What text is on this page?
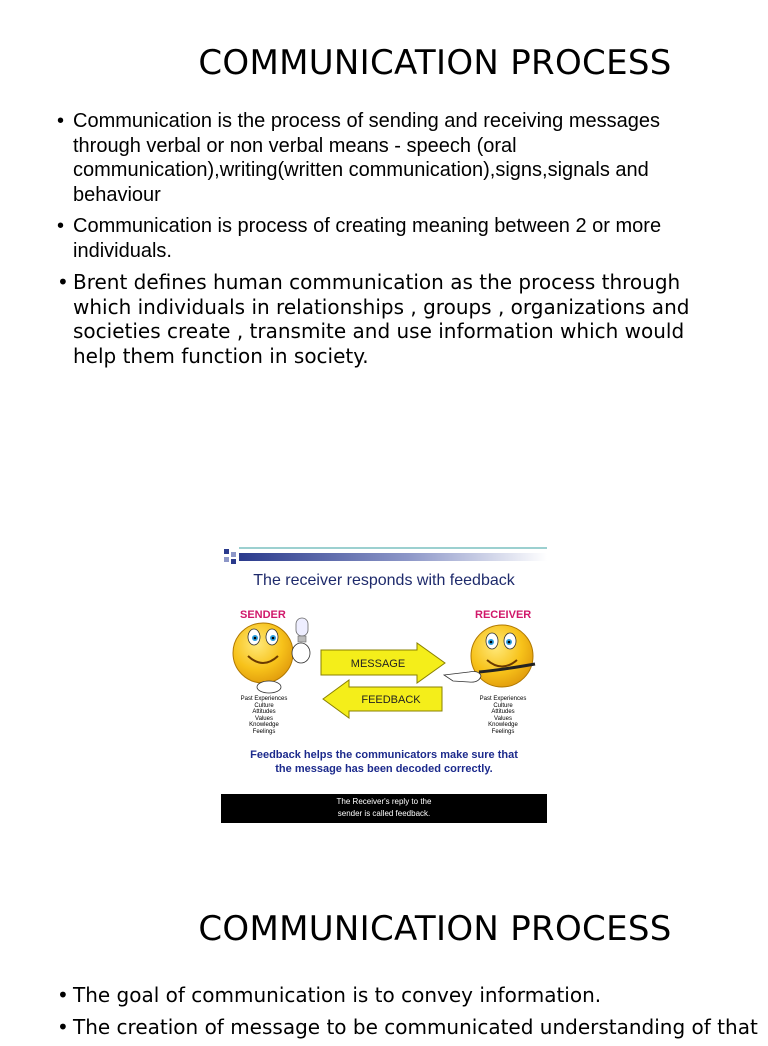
COMMUNICATION PROCESS
• Communication is the process of sending and receiving messages through verbal or non verbal means - speech (oral communication),writing(written communication),signs,signals and behaviour
• Communication is process of creating meaning between 2 or more individuals.
• Brent defines human communication as the process through which individuals in relationships , groups , organizations and societies create , transmite and use information which would help them function in society.
MESSAGE
FEEDBACK
The receiver responds with feedback
SENDER	RECEIVER
Past Experiences
Culture
Attitudes
Values
Knowledge
Feelings
Past Experiences
Culture
Attitudes
Values
Knowledge
Feelings
Feedback helps the communicators make sure that
the message has been decoded correctly.
The Receiver's reply to the
sender is called feedback.
COMMUNICATION PROCESS
• The goal of communication is to convey information.
• The creation of message to be communicated understanding of that
